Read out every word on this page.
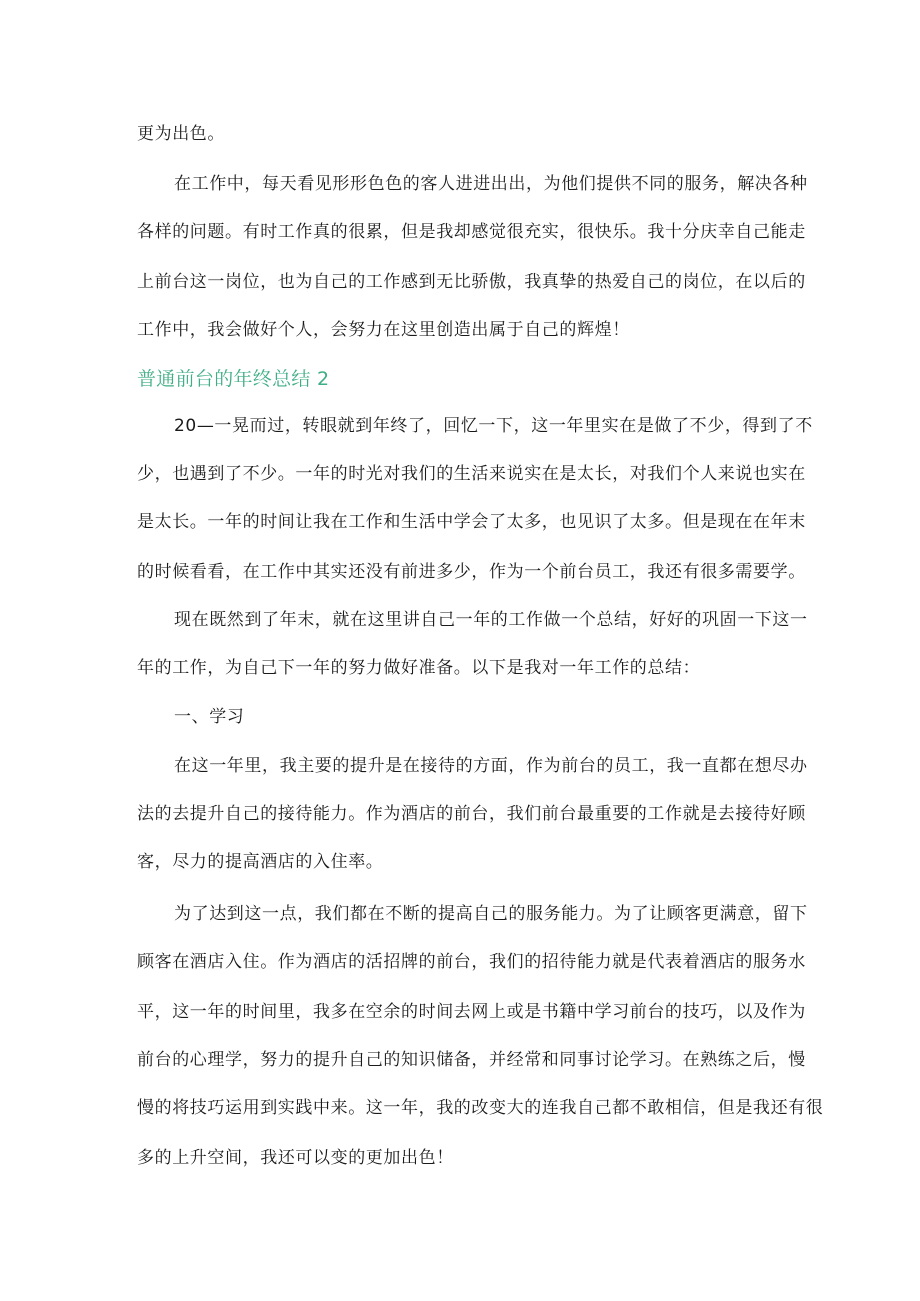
更为出色。
在工作中，每天看见形形色色的客人进进出出，为他们提供不同的服务，解决各种
各样的问题。有时工作真的很累，但是我却感觉很充实，很快乐。我十分庆幸自己能走
上前台这一岗位，也为自己的工作感到无比骄傲，我真挚的热爱自己的岗位，在以后的
工作中，我会做好个人，会努力在这里创造出属于自己的辉煌！
普通前台的年终总结 2
20—一晃而过，转眼就到年终了，回忆一下，这一年里实在是做了不少，得到了不
少，也遇到了不少。一年的时光对我们的生活来说实在是太长，对我们个人来说也实在
是太长。一年的时间让我在工作和生活中学会了太多，也见识了太多。但是现在在年末
的时候看看，在工作中其实还没有前进多少，作为一个前台员工，我还有很多需要学。
现在既然到了年末，就在这里讲自己一年的工作做一个总结，好好的巩固一下这一
年的工作，为自己下一年的努力做好准备。以下是我对一年工作的总结：
一、学习
在这一年里，我主要的提升是在接待的方面，作为前台的员工，我一直都在想尽办
法的去提升自己的接待能力。作为酒店的前台，我们前台最重要的工作就是去接待好顾
客，尽力的提高酒店的入住率。
为了达到这一点，我们都在不断的提高自己的服务能力。为了让顾客更满意，留下
顾客在酒店入住。作为酒店的活招牌的前台，我们的招待能力就是代表着酒店的服务水
平，这一年的时间里，我多在空余的时间去网上或是书籍中学习前台的技巧，以及作为
前台的心理学，努力的提升自己的知识储备，并经常和同事讨论学习。在熟练之后，慢
慢的将技巧运用到实践中来。这一年，我的改变大的连我自己都不敢相信，但是我还有很
多的上升空间，我还可以变的更加出色！
